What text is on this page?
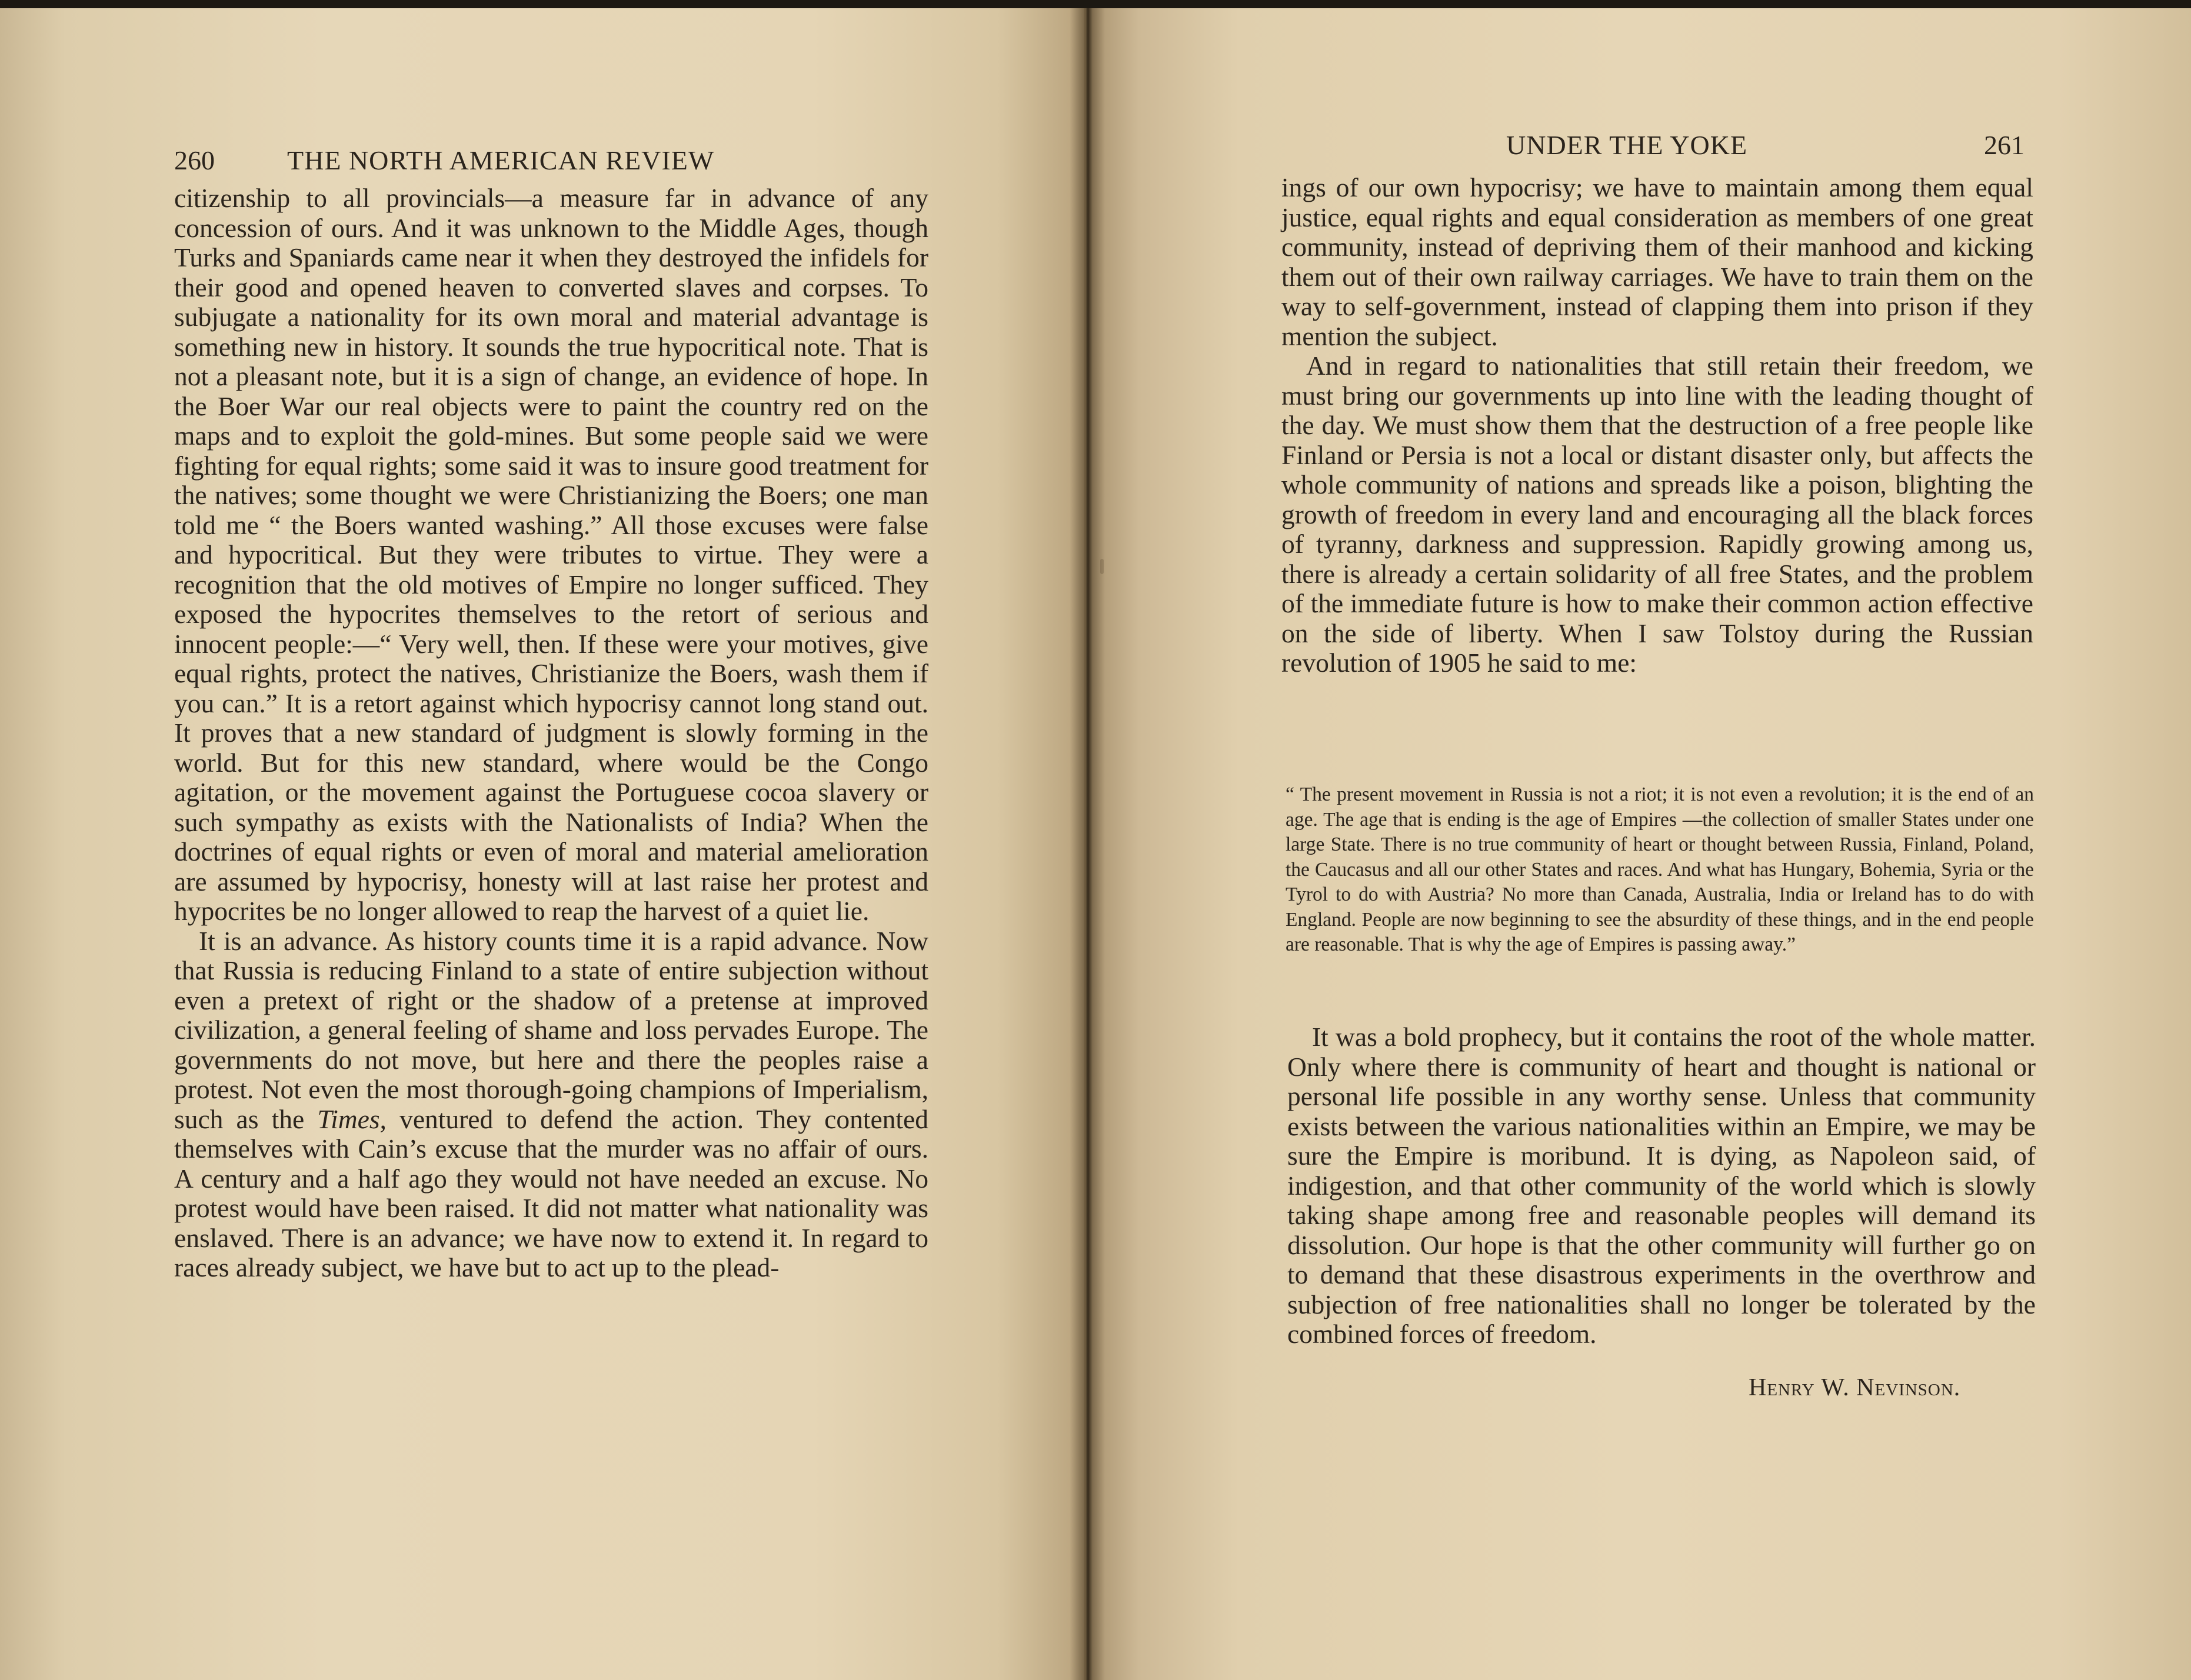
260	THE NORTH AMERICAN REVIEW

citizenship to all provincials—a measure far in advance of any concession of ours. And it was unknown to the Middle Ages, though Turks and Spaniards came near it when they destroyed the infidels for their good and opened heaven to converted slaves and corpses. To subjugate a nationality for its own moral and material advantage is something new in history. It sounds the true hypocritical note. That is not a pleasant note, but it is a sign of change, an evidence of hope. In the Boer War our real objects were to paint the country red on the maps and to exploit the gold-mines. But some people said we were fighting for equal rights; some said it was to insure good treatment for the natives; some thought we were Christianizing the Boers; one man told me “ the Boers wanted washing.” All those excuses were false and hypocritical. But they were tributes to virtue. They were a recognition that the old motives of Empire no longer sufficed. They exposed the hypocrites themselves to the retort of serious and innocent people:—“ Very well, then. If these were your motives, give equal rights, protect the natives, Christianize the Boers, wash them if you can.” It is a retort against which hypocrisy cannot long stand out. It proves that a new standard of judgment is slowly forming in the world. But for this new standard, where would be the Congo agitation, or the movement against the Portuguese cocoa slavery or such sympathy as exists with the Nationalists of India? When the doctrines of equal rights or even of moral and material amelioration are assumed by hypocrisy, honesty will at last raise her protest and hypocrites be no longer allowed to reap the harvest of a quiet lie.

It is an advance. As history counts time it is a rapid advance. Now that Russia is reducing Finland to a state of entire subjection without even a pretext of right or the shadow of a pretense at improved civilization, a general feeling of shame and loss pervades Europe. The governments do not move, but here and there the peoples raise a protest. Not even the most thorough-going champions of Imperialism, such as the Times, ventured to defend the action. They contented themselves with Cain’s excuse that the murder was no affair of ours. A century and a half ago they would not have needed an excuse. No protest would have been raised. It did not matter what nationality was enslaved. There is an advance; we have now to extend it. In regard to races already subject, we have but to act up to the plead-

UNDER THE YOKE	261

ings of our own hypocrisy; we have to maintain among them equal justice, equal rights and equal consideration as members of one great community, instead of depriving them of their manhood and kicking them out of their own railway carriages. We have to train them on the way to self-government, instead of clapping them into prison if they mention the subject.

And in regard to nationalities that still retain their freedom, we must bring our governments up into line with the leading thought of the day. We must show them that the destruction of a free people like Finland or Persia is not a local or distant disaster only, but affects the whole community of nations and spreads like a poison, blighting the growth of freedom in every land and encouraging all the black forces of tyranny, darkness and suppression. Rapidly growing among us, there is already a certain solidarity of all free States, and the problem of the immediate future is how to make their common action effective on the side of liberty. When I saw Tolstoy during the Russian revolution of 1905 he said to me:

“ The present movement in Russia is not a riot; it is not even a revolution; it is the end of an age. The age that is ending is the age of Empires —the collection of smaller States under one large State. There is no true community of heart or thought between Russia, Finland, Poland, the Caucasus and all our other States and races. And what has Hungary, Bohemia, Syria or the Tyrol to do with Austria? No more than Canada, Australia, India or Ireland has to do with England. People are now beginning to see the absurdity of these things, and in the end people are reasonable. That is why the age of Empires is passing away.”

It was a bold prophecy, but it contains the root of the whole matter. Only where there is community of heart and thought is national or personal life possible in any worthy sense. Unless that community exists between the various nationalities within an Empire, we may be sure the Empire is moribund. It is dying, as Napoleon said, of indigestion, and that other community of the world which is slowly taking shape among free and reasonable peoples will demand its dissolution. Our hope is that the other community will further go on to demand that these disastrous experiments in the overthrow and subjection of free nationalities shall no longer be tolerated by the combined forces of freedom.

Henry W. Nevinson.
